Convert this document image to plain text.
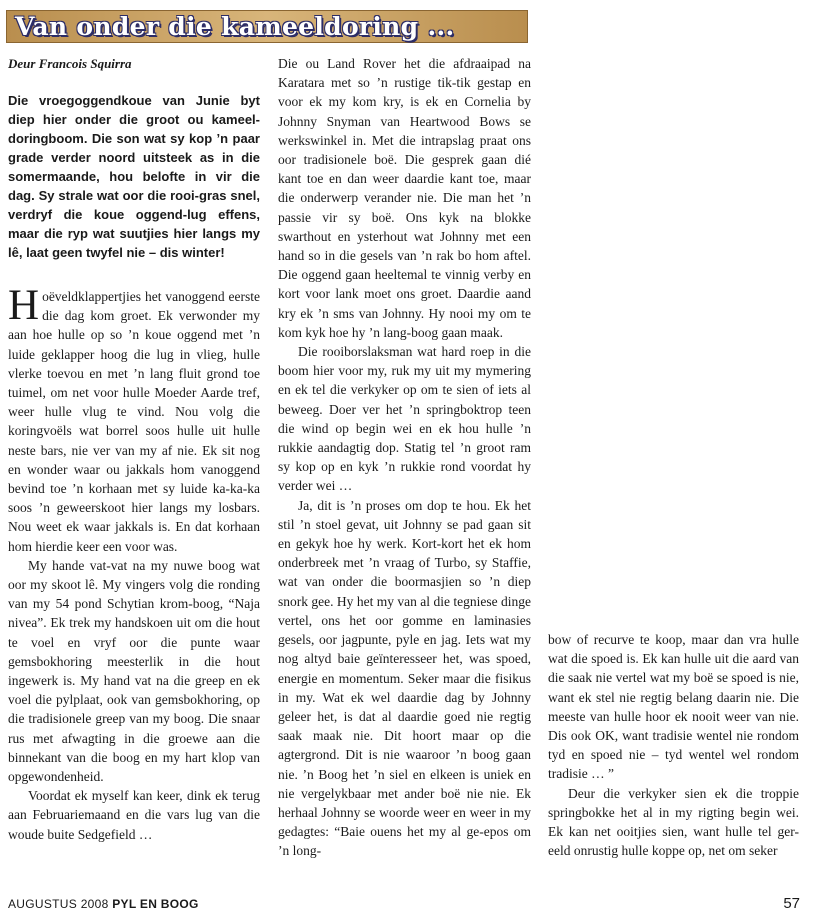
Van onder die kameeldoring ...

Deur Francois Squirra

Die vroegoggendkoue van Junie byt diep hier onder die groot ou kameel-doringboom. Die son wat sy kop ’n paar grade verder noord uitsteek as in die somermaande, hou belofte in vir die dag. Sy strale wat oor die rooi-gras snel, verdryf die koue oggend-lug effens, maar die ryp wat suutjies hier langs my lê, laat geen twyfel nie – dis winter!

Hoëveldklappertjies het vanoggend eerste die dag kom groet. Ek verwonder my aan hoe hulle op so ’n koue oggend met ’n luide geklapper hoog die lug in vlieg, hulle vlerke toevou en met ’n lang fluit grond toe tuimel, om net voor hulle Moeder Aarde tref, weer hulle vlug te vind. Nou volg die koringvoëls wat borrel soos hulle uit hulle neste bars, nie ver van my af nie. Ek sit nog en wonder waar ou jakkals hom vanoggend bevind toe ’n korhaan met sy luide ka-ka-ka soos ’n geweerskoot hier langs my losbars. Nou weet ek waar jakkals is. En dat korhaan hom hierdie keer een voor was.

My hande vat-vat na my nuwe boog wat oor my skoot lê. My vingers volg die ronding van my 54 pond Schytian krom-boog, “Naja nivea”. Ek trek my handskoen uit om die hout te voel en vryf oor die punte waar gemsbokhoring meesterlik in die hout ingewerk is. My hand vat na die greep en ek voel die pylplaat, ook van gemsbokhoring, op die tradisionele greep van my boog. Die snaar rus met afwagting in die groewe aan die binnekant van die boog en my hart klop van opgewondenheid.

Voordat ek myself kan keer, dink ek terug aan Februariemaand en die vars lug van die woude buite Sedgefield …

Die ou Land Rover het die afdraaipad na Karatara met so ’n rustige tik-tik gestap en voor ek my kom kry, is ek en Cornelia by Johnny Snyman van Heartwood Bows se werkswinkel in. Met die intrapslag praat ons oor tradisionele boë. Die gesprek gaan dié kant toe en dan weer daardie kant toe, maar die onderwerp verander nie. Die man het ’n passie vir sy boë. Ons kyk na blokke swarthout en ysterhout wat Johnny met een hand so in die gesels van ’n rak bo hom aftel. Die oggend gaan heeltemal te vinnig verby en kort voor lank moet ons groet. Daardie aand kry ek ’n sms van Johnny. Hy nooi my om te kom kyk hoe hy ’n lang-boog gaan maak.

Die rooiborslaksman wat hard roep in die boom hier voor my, ruk my uit my mymering en ek tel die verkyker op om te sien of iets al beweeg. Doer ver het ’n springboktrop teen die wind op begin wei en ek hou hulle ’n rukkie aandagtig dop. Statig tel ’n groot ram sy kop op en kyk ’n rukkie rond voordat hy verder wei …

Ja, dit is ’n proses om dop te hou. Ek het stil ’n stoel gevat, uit Johnny se pad gaan sit en gekyk hoe hy werk. Kort-kort het ek hom onderbreek met ’n vraag of Turbo, sy Staffie, wat van onder die boormasjien so ’n diep snork gee. Hy het my van al die tegniese dinge vertel, ons het oor gomme en laminasies gesels, oor jagpunte, pyle en jag. Iets wat my nog altyd baie geïnteresseer het, was spoed, energie en momentum. Seker maar die fisikus in my. Wat ek wel daardie dag by Johnny geleer het, is dat al daardie goed nie regtig saak maak nie. Dit hoort maar op die agtergrond. Dit is nie waaroor ’n boog gaan nie. ’n Boog het ’n siel en elkeen is uniek en nie vergelykbaar met ander boë nie nie. Ek herhaal Johnny se woorde weer en weer in my gedagtes: “Baie ouens het my al ge-epos om ’n long-

bow of recurve te koop, maar dan vra hulle wat die spoed is. Ek kan hulle uit die aard van die saak nie vertel wat my boë se spoed is nie, want ek stel nie regtig belang daarin nie. Die meeste van hulle hoor ek nooit weer van nie. Dis ook OK, want tradisie wentel nie rondom tyd en spoed nie – tyd wentel wel rondom tradisie … ”

Deur die verkyker sien ek die troppie springbokke het al in my rigting begin wei. Ek kan net ooitjies sien, want hulle tel ger-eeld onrustig hulle koppe op, net om seker

AUGUSTUS 2008 PYL EN BOOG	57
